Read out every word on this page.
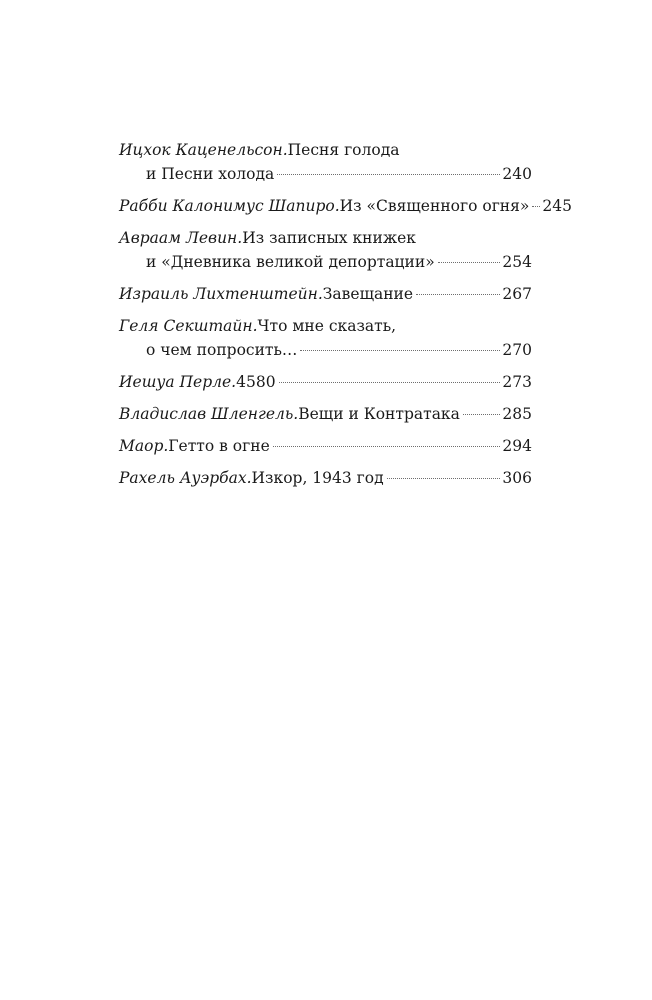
Ицхок Каценельсон. Песня голода
и Песни холода	240
Рабби Калонимус Шапиро. Из «Священного огня» 245
Авраам Левин. Из записных книжек
и «Дневника великой депортации»	254
Израиль Лихтенштейн. Завещание	267
Геля Секштайн. Что мне сказать,
о чем попросить…	270
Иешуа Перле. 4580	273
Владислав Шленгель. Вещи и Контратака	285
Маор. Гетто в огне	294
Рахель Ауэрбах. Изкор, 1943 год	306
